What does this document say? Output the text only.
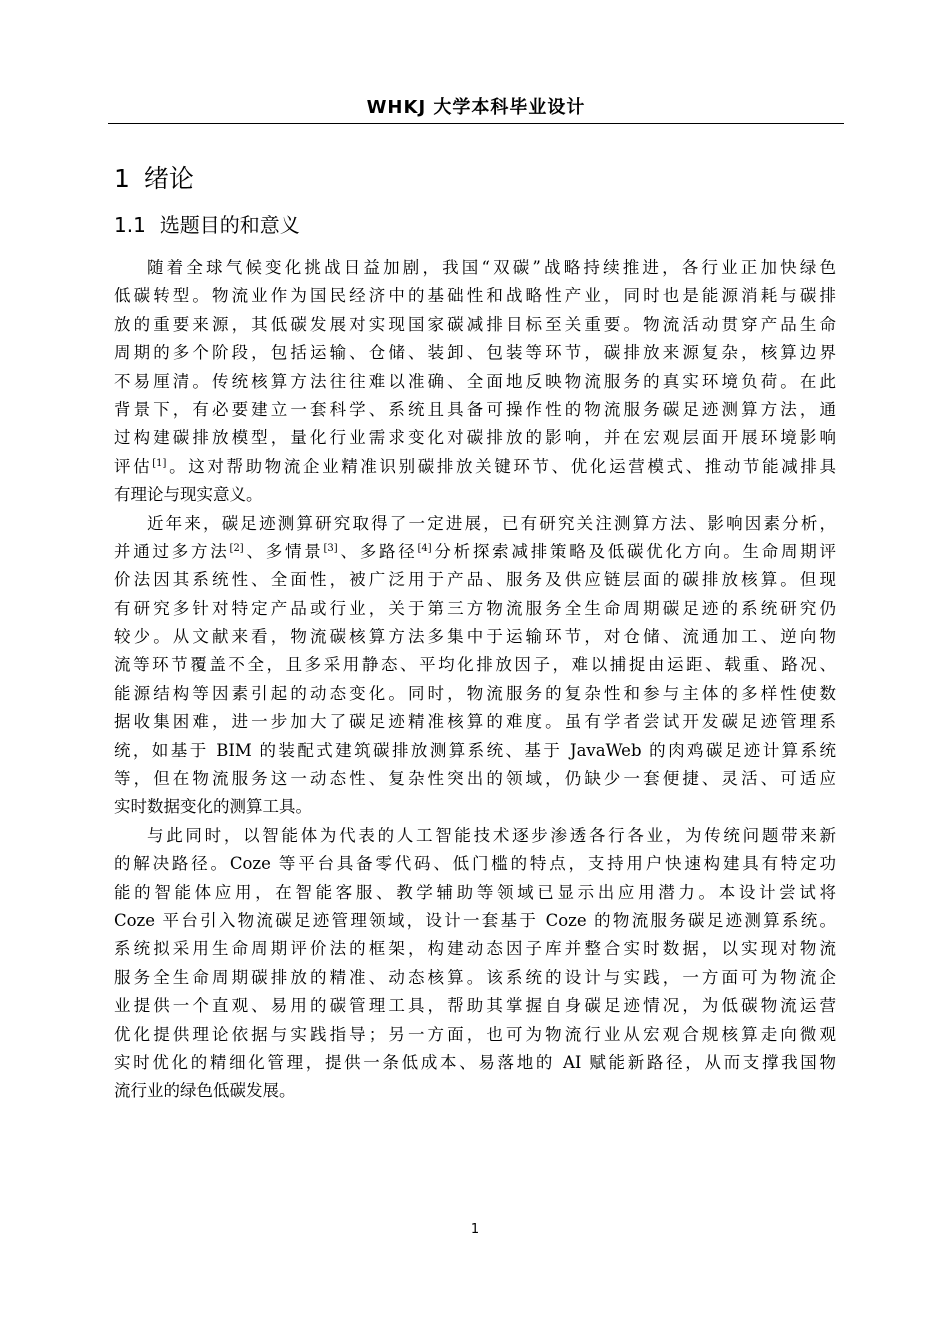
WHKJ 大学本科毕业设计
1 绪论
1.1 选题目的和意义
随着全球气候变化挑战日益加剧，我国“双碳”战略持续推进，各行业正加快绿色
低碳转型。物流业作为国民经济中的基础性和战略性产业，同时也是能源消耗与碳排
放的重要来源，其低碳发展对实现国家碳减排目标至关重要。物流活动贯穿产品生命
周期的多个阶段，包括运输、仓储、装卸、包装等环节，碳排放来源复杂，核算边界
不易厘清。传统核算方法往往难以准确、全面地反映物流服务的真实环境负荷。在此
背景下，有必要建立一套科学、系统且具备可操作性的物流服务碳足迹测算方法，通
过构建碳排放模型，量化行业需求变化对碳排放的影响，并在宏观层面开展环境影响
评估[1]。这对帮助物流企业精准识别碳排放关键环节、优化运营模式、推动节能减排具
有理论与现实意义。
近年来，碳足迹测算研究取得了一定进展，已有研究关注测算方法、影响因素分析，
并通过多方法[2]、多情景[3]、多路径[4]分析探索减排策略及低碳优化方向。生命周期评
价法因其系统性、全面性，被广泛用于产品、服务及供应链层面的碳排放核算。但现
有研究多针对特定产品或行业，关于第三方物流服务全生命周期碳足迹的系统研究仍
较少。从文献来看，物流碳核算方法多集中于运输环节，对仓储、流通加工、逆向物
流等环节覆盖不全，且多采用静态、平均化排放因子，难以捕捉由运距、载重、路况、
能源结构等因素引起的动态变化。同时，物流服务的复杂性和参与主体的多样性使数
据收集困难，进一步加大了碳足迹精准核算的难度。虽有学者尝试开发碳足迹管理系
统，如基于 BIM 的装配式建筑碳排放测算系统、基于 JavaWeb 的肉鸡碳足迹计算系统
等，但在物流服务这一动态性、复杂性突出的领域，仍缺少一套便捷、灵活、可适应
实时数据变化的测算工具。
与此同时，以智能体为代表的人工智能技术逐步渗透各行各业，为传统问题带来新
的解决路径。Coze 等平台具备零代码、低门槛的特点，支持用户快速构建具有特定功
能的智能体应用，在智能客服、教学辅助等领域已显示出应用潜力。本设计尝试将
Coze 平台引入物流碳足迹管理领域，设计一套基于 Coze 的物流服务碳足迹测算系统。
系统拟采用生命周期评价法的框架，构建动态因子库并整合实时数据，以实现对物流
服务全生命周期碳排放的精准、动态核算。该系统的设计与实践，一方面可为物流企
业提供一个直观、易用的碳管理工具，帮助其掌握自身碳足迹情况，为低碳物流运营
优化提供理论依据与实践指导；另一方面，也可为物流行业从宏观合规核算走向微观
实时优化的精细化管理，提供一条低成本、易落地的 AI 赋能新路径，从而支撑我国物
流行业的绿色低碳发展。
1
